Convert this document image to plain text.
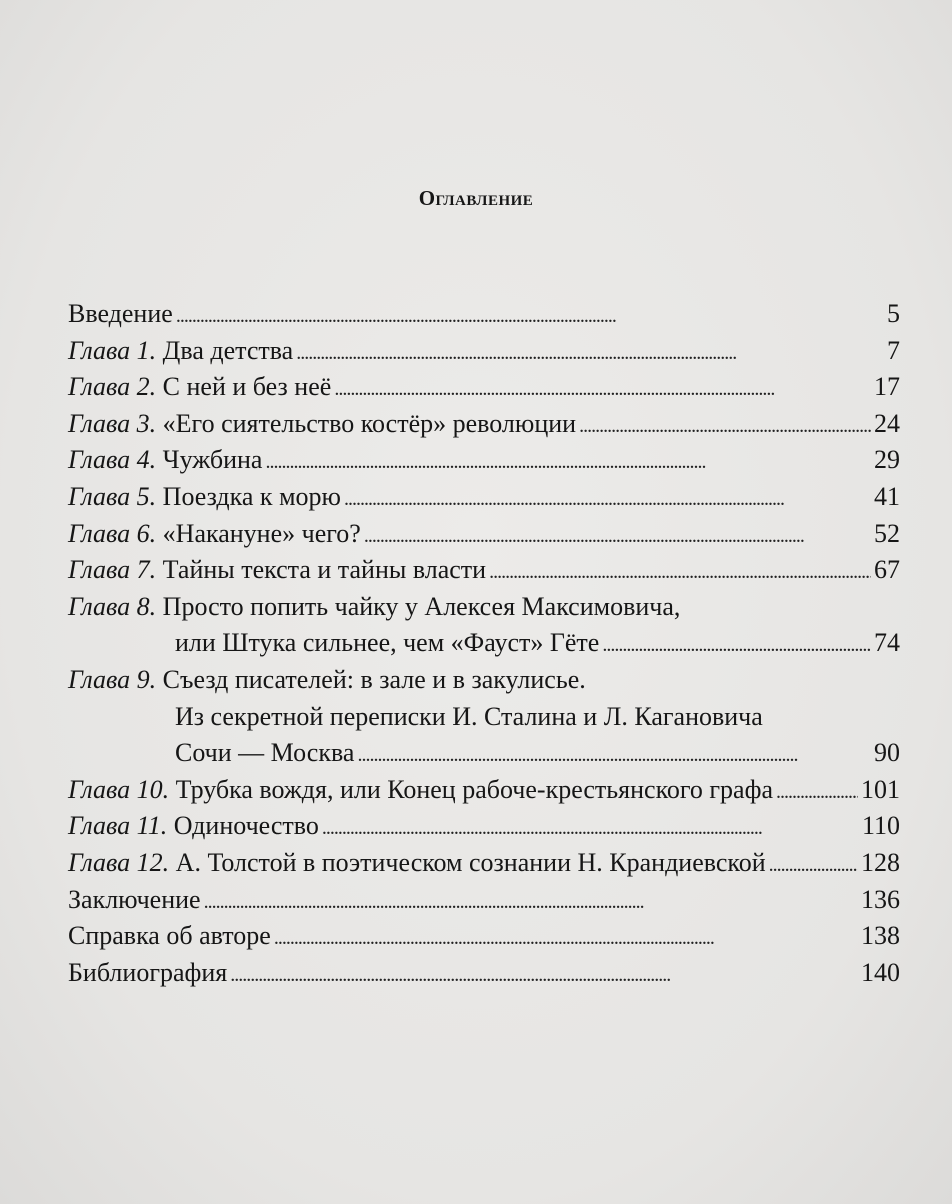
Оглавление
Введение . . .	5
Глава 1. Два детства . . .	7
Глава 2. С ней и без неё . . .	17
Глава 3. «Его сиятельство костёр» революции . . .	24
Глава 4. Чужбина . . .	29
Глава 5. Поездка к морю . . .	41
Глава 6. «Накануне» чего? . . .	52
Глава 7. Тайны текста и тайны власти . . .	67
Глава 8. Просто попить чайку у Алексея Максимовича,
или Штука сильнее, чем «Фауст» Гёте . . .	74
Глава 9. Съезд писателей: в зале и в закулисье.
Из секретной переписки И. Сталина и Л. Кагановича
Сочи — Москва . . .	90
Глава 10. Трубка вождя, или Конец рабоче-крестьянского графа . . .	101
Глава 11. Одиночество . . .	110
Глава 12. А. Толстой в поэтическом сознании Н. Крандиевской . . .	128
Заключение . . .	136
Справка об авторе . . .	138
Библиография . . .	140
